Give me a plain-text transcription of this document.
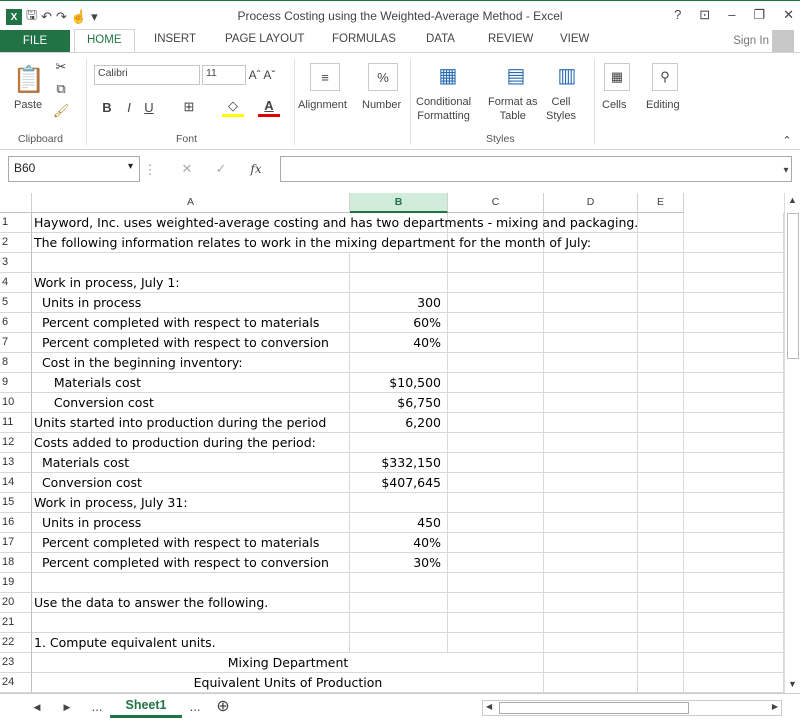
X 🖫 ↶ ↷ ☝ ▾	Process Costing using the Weighted-Average Method - Excel	? ⊡ – ❐ ✕
FILE	HOME	INSERT	PAGE LAYOUT FORMULAS	DATA	REVIEW VIEW	Sign In
📋
Paste
✂
⧉
🖌
Clipboard
Calibri	11	Aˆ Aˇ
B	I	U	⊞	◇	A
Font
≡
Alignment
%
Number
▦
Conditional
Formatting
▤
Format as
Table
▥
Cell
Styles
Styles
▦
Cells
⚲
Editing
⌃
B60	▾ ⋮ ✕ ✓ fx	▾
A	B	C	D	E
1	Hayword, Inc. uses weighted-average costing and has two departments - mixing and packaging.
2	The following information relates to work in the mixing department for the month of July:
3
4	Work in process, July 1:
5	Units in process	300
6	Percent completed with respect to materials	60%
7	Percent completed with respect to conversion	40%
8	Cost in the beginning inventory:
9	Materials cost	$10,500
10	Conversion cost	$6,750
11	Units started into production during the period	6,200
12	Costs added to production during the period:
13	Materials cost	$332,150
14	Conversion cost	$407,645
15	Work in process, July 31:
16	Units in process	450
17	Percent completed with respect to materials	40%
18	Percent completed with respect to conversion	30%
19
20	Use the data to answer the following.
21
22	1. Compute equivalent units.
23	Mixing Department
24	Equivalent Units of Production
▲
▼
◀	▶ ...	Sheet1	... ⊕	◀	▶
